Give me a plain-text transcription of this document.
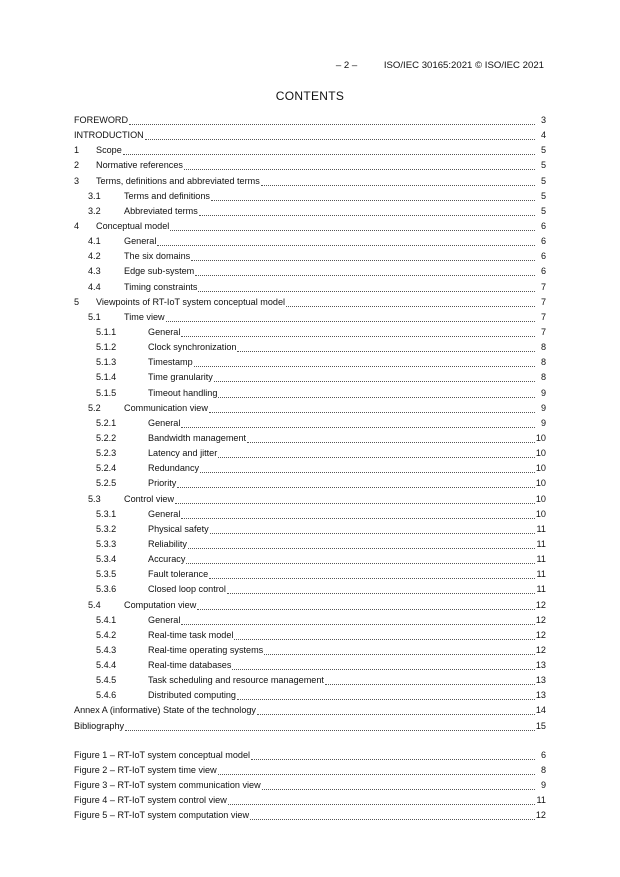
– 2 –	ISO/IEC 30165:2021 © ISO/IEC 2021
CONTENTS
FOREWORD	3
INTRODUCTION	4
1	Scope	5
2	Normative references	5
3	Terms, definitions and abbreviated terms	5
3.1	Terms and definitions	5
3.2	Abbreviated terms	5
4	Conceptual model	6
4.1	General	6
4.2	The six domains	6
4.3	Edge sub-system	6
4.4	Timing constraints	7
5	Viewpoints of RT-IoT system conceptual model	7
5.1	Time view	7
5.1.1	General	7
5.1.2	Clock synchronization	8
5.1.3	Timestamp	8
5.1.4	Time granularity	8
5.1.5	Timeout handling	9
5.2	Communication view	9
5.2.1	General	9
5.2.2	Bandwidth management	10
5.2.3	Latency and jitter	10
5.2.4	Redundancy	10
5.2.5	Priority	10
5.3	Control view	10
5.3.1	General	10
5.3.2	Physical safety	11
5.3.3	Reliability	11
5.3.4	Accuracy	11
5.3.5	Fault tolerance	11
5.3.6	Closed loop control	11
5.4	Computation view	12
5.4.1	General	12
5.4.2	Real-time task model	12
5.4.3	Real-time operating systems	12
5.4.4	Real-time databases	13
5.4.5	Task scheduling and resource management	13
5.4.6	Distributed computing	13
Annex A (informative) State of the technology	14
Bibliography	15
Figure 1 – RT-IoT system conceptual model	6
Figure 2 – RT-IoT system time view	8
Figure 3 – RT-IoT system communication view	9
Figure 4 – RT-IoT system control view	11
Figure 5 – RT-IoT system computation view	12
